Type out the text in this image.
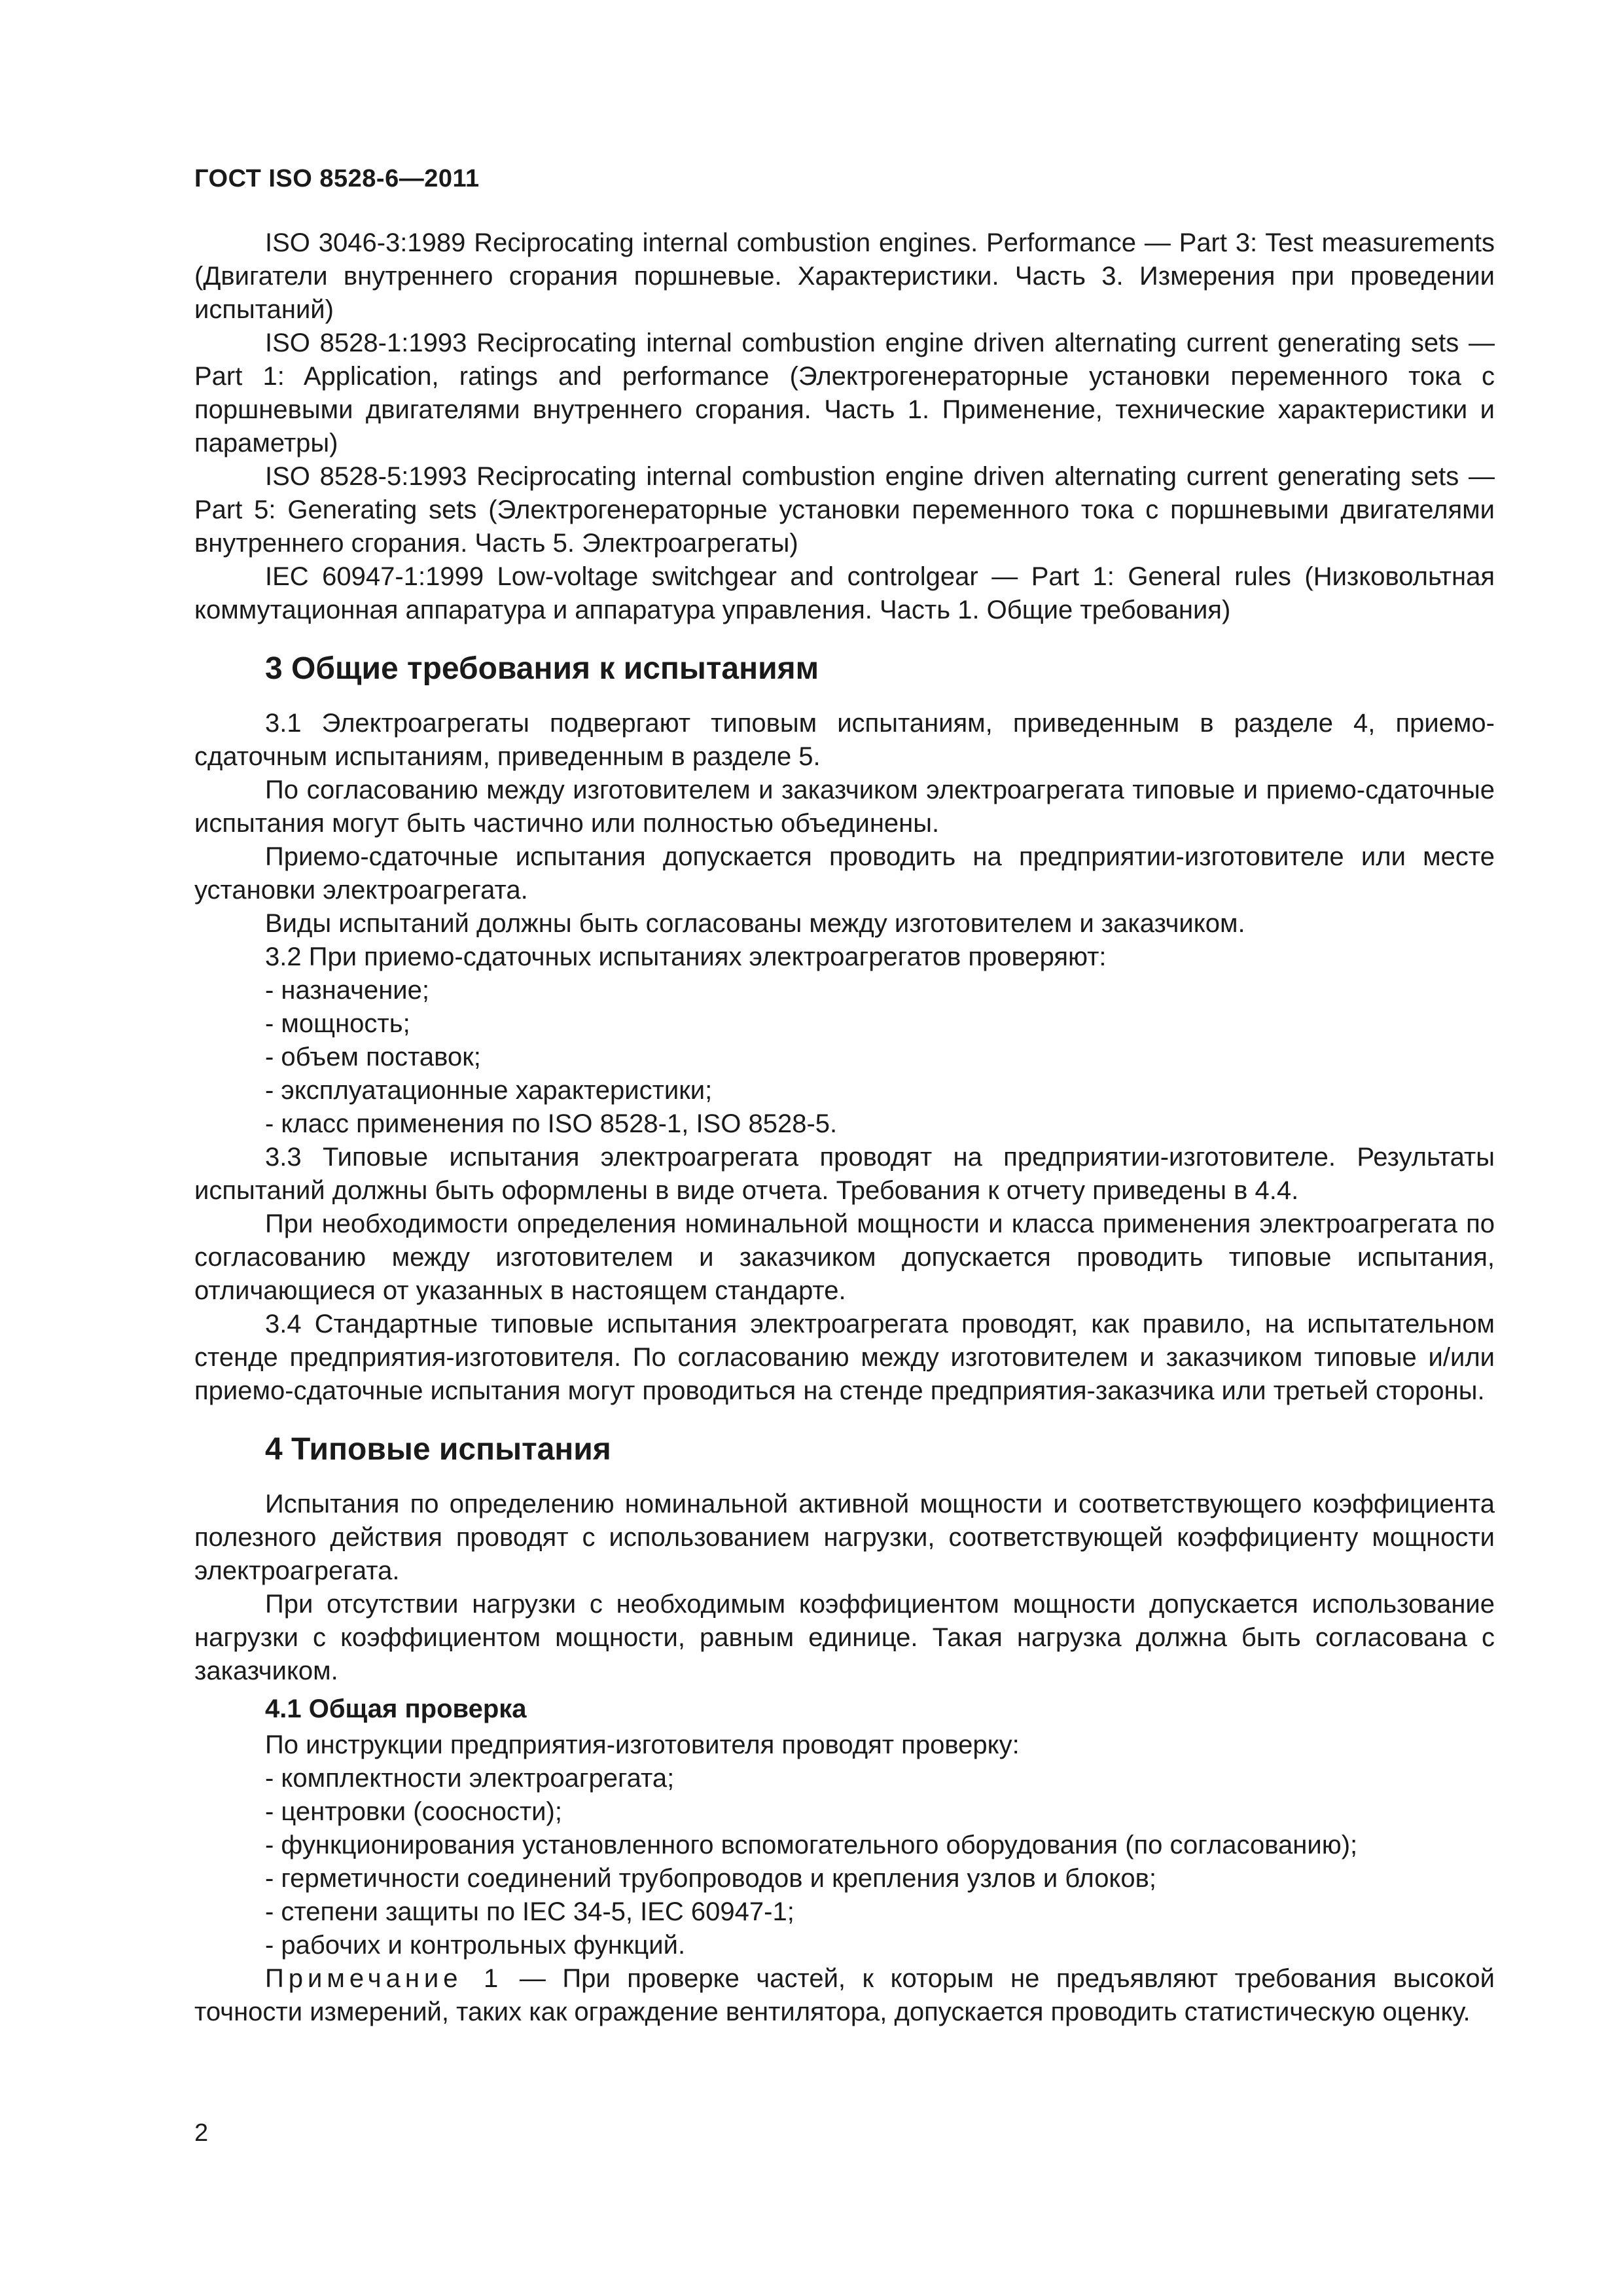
ГОСТ ISO 8528-6—2011

ISO 3046-3:1989 Reciprocating internal combustion engines. Performance — Part 3: Test measurements (Двигатели внутреннего сгорания поршневые. Характеристики. Часть 3. Измерения при проведении испытаний)

ISO 8528-1:1993 Reciprocating internal combustion engine driven alternating current generating sets — Part 1: Application, ratings and performance (Электрогенераторные установки переменного тока с поршневыми двигателями внутреннего сгорания. Часть 1. Применение, технические характеристики и параметры)

ISO 8528-5:1993 Reciprocating internal combustion engine driven alternating current generating sets — Part 5: Generating sets (Электрогенераторные установки переменного тока с поршневыми двигателями внутреннего сгорания. Часть 5. Электроагрегаты)

IEC 60947-1:1999 Low-voltage switchgear and controlgear — Part 1: General rules (Низковольтная коммутационная аппаратура и аппаратура управления. Часть 1. Общие требования)

3 Общие требования к испытаниям

3.1 Электроагрегаты подвергают типовым испытаниям, приведенным в разделе 4, приемо-сдаточным испытаниям, приведенным в разделе 5.

По согласованию между изготовителем и заказчиком электроагрегата типовые и приемо-сдаточные испытания могут быть частично или полностью объединены.

Приемо-сдаточные испытания допускается проводить на предприятии-изготовителе или месте установки электроагрегата.

Виды испытаний должны быть согласованы между изготовителем и заказчиком.

3.2 При приемо-сдаточных испытаниях электроагрегатов проверяют:

- назначение;

- мощность;

- объем поставок;

- эксплуатационные характеристики;

- класс применения по ISO 8528-1, ISO 8528-5.

3.3 Типовые испытания электроагрегата проводят на предприятии-изготовителе. Результаты испытаний должны быть оформлены в виде отчета. Требования к отчету приведены в 4.4.

При необходимости определения номинальной мощности и класса применения электроагрегата по согласованию между изготовителем и заказчиком допускается проводить типовые испытания, отличающиеся от указанных в настоящем стандарте.

3.4 Стандартные типовые испытания электроагрегата проводят, как правило, на испытательном стенде предприятия-изготовителя. По согласованию между изготовителем и заказчиком типовые и/или приемо-сдаточные испытания могут проводиться на стенде предприятия-заказчика или третьей стороны.

4 Типовые испытания

Испытания по определению номинальной активной мощности и соответствующего коэффициента полезного действия проводят с использованием нагрузки, соответствующей коэффициенту мощности электроагрегата.

При отсутствии нагрузки с необходимым коэффициентом мощности допускается использование нагрузки с коэффициентом мощности, равным единице. Такая нагрузка должна быть согласована с заказчиком.

4.1 Общая проверка

По инструкции предприятия-изготовителя проводят проверку:

- комплектности электроагрегата;

- центровки (соосности);

- функционирования установленного вспомогательного оборудования (по согласованию);

- герметичности соединений трубопроводов и крепления узлов и блоков;

- степени защиты по IEC 34-5, IEC 60947-1;

- рабочих и контрольных функций.

Примечание 1 — При проверке частей, к которым не предъявляют требования высокой точности измерений, таких как ограждение вентилятора, допускается проводить статистическую оценку.

2
